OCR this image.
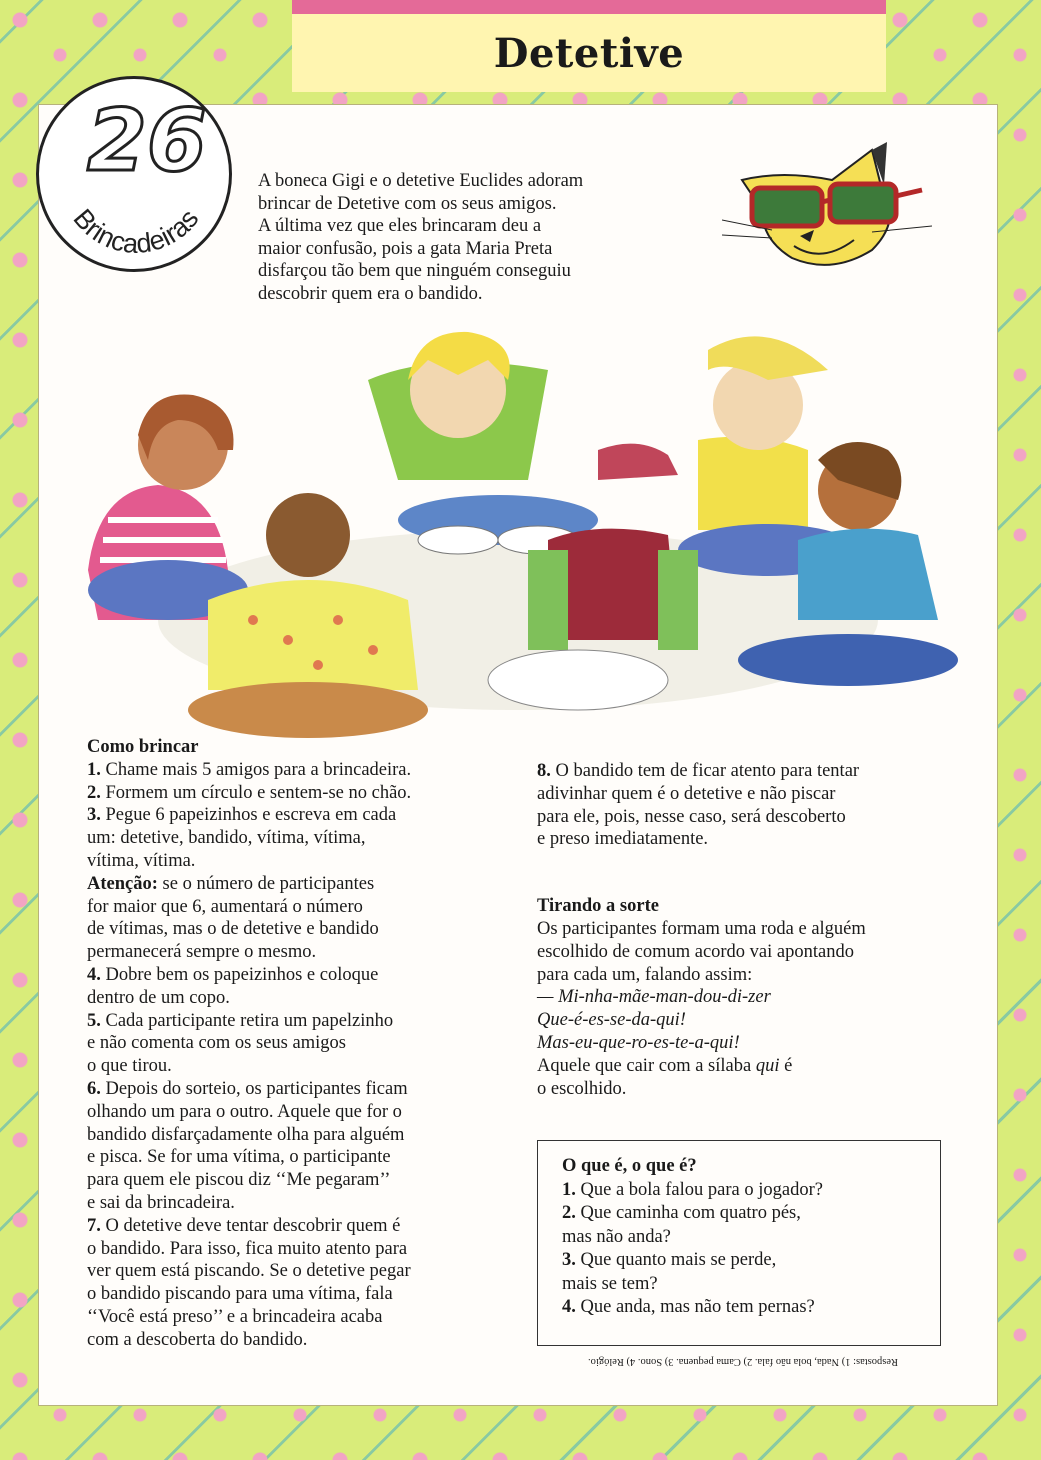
Detetive
26
Brincadeiras
A boneca Gigi e o detetive Euclides adoram
brincar de Detetive com os seus amigos.
A última vez que eles brincaram deu a
maior confusão, pois a gata Maria Preta
disfarçou tão bem que ninguém conseguiu
descobrir quem era o bandido.

Como brincar

1. Chame mais 5 amigos para a brincadeira.

2. Formem um círculo e sentem-se no chão.

3. Pegue 6 papeizinhos e escreva em cada

um: detetive, bandido, vítima, vítima,

vítima, vítima.

Atenção: se o número de participantes

for maior que 6, aumentará o número

de vítimas, mas o de detetive e bandido

permanecerá sempre o mesmo.

4. Dobre bem os papeizinhos e coloque

dentro de um copo.

5. Cada participante retira um papelzinho

e não comenta com os seus amigos

o que tirou.

6. Depois do sorteio, os participantes ficam

olhando um para o outro. Aquele que for o

bandido disfarçadamente olha para alguém

e pisca. Se for uma vítima, o participante

para quem ele piscou diz ‘‘Me pegaram’’

e sai da brincadeira.

7. O detetive deve tentar descobrir quem é

o bandido. Para isso, fica muito atento para

ver quem está piscando. Se o detetive pegar

o bandido piscando para uma vítima, fala

‘‘Você está preso’’ e a brincadeira acaba

com a descoberta do bandido.

8. O bandido tem de ficar atento para tentar

adivinhar quem é o detetive e não piscar

para ele, pois, nesse caso, será descoberto

e preso imediatamente.

Tirando a sorte

Os participantes formam uma roda e alguém

escolhido de comum acordo vai apontando

para cada um, falando assim:

— Mi-nha-mãe-man-dou-di-zer

Que-é-es-se-da-qui!

Mas-eu-que-ro-es-te-a-qui!

Aquele que cair com a sílaba qui é

o escolhido.

O que é, o que é?

1. Que a bola falou para o jogador?

2. Que caminha com quatro pés,

mas não anda?

3. Que quanto mais se perde,

mais se tem?

4. Que anda, mas não tem pernas?

Respostas: 1) Nada, bola não fala. 2) Cama pequena. 3) Sono. 4) Relógio.
